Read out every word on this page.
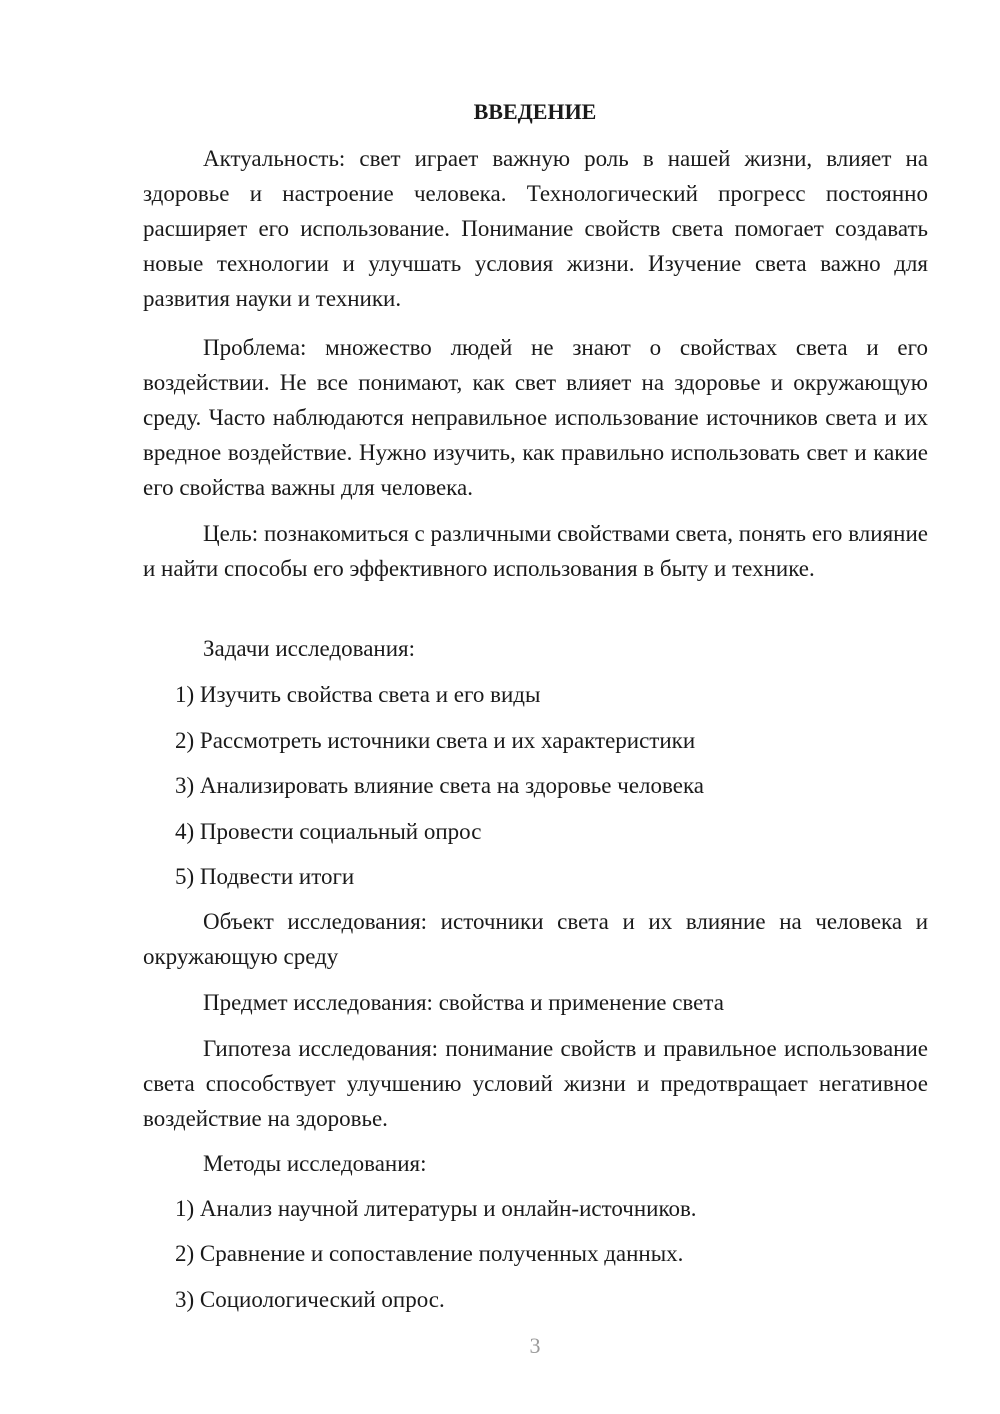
ВВЕДЕНИЕ

Актуальность: свет играет важную роль в нашей жизни, влияет на здоровье и настроение человека. Технологический прогресс постоянно расширяет его использование. Понимание свойств света помогает создавать новые технологии и улучшать условия жизни. Изучение света важно для развития науки и техники.

Проблема: множество людей не знают о свойствах света и его воздействии. Не все понимают, как свет влияет на здоровье и окружающую среду. Часто наблюдаются неправильное использование источников света и их вредное воздействие. Нужно изучить, как правильно использовать свет и какие его свойства важны для человека.

Цель: познакомиться с различными свойствами света, понять его влияние и найти способы его эффективного использования в быту и технике.

Задачи исследования:

1) Изучить свойства света и его виды

2) Рассмотреть источники света и их характеристики

3) Анализировать влияние света на здоровье человека

4) Провести социальный опрос

5) Подвести итоги

Объект исследования: источники света и их влияние на человека и окружающую среду

Предмет исследования: свойства и применение света

Гипотеза исследования: понимание свойств и правильное использование света способствует улучшению условий жизни и предотвращает негативное воздействие на здоровье.

Методы исследования:

1) Анализ научной литературы и онлайн-источников.

2) Сравнение и сопоставление полученных данных.

3) Социологический опрос.

3
